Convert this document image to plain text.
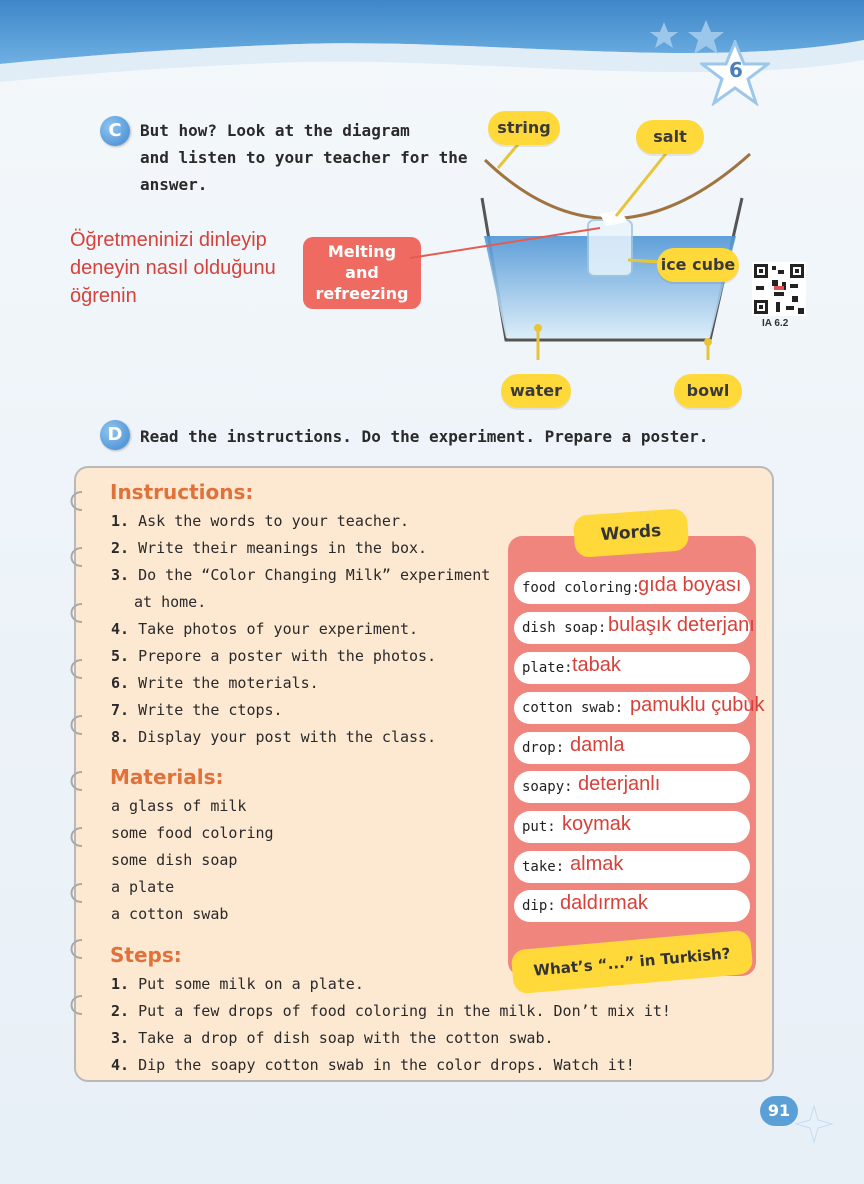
6
C	But how? Look at the diagram
and listen to your teacher for the
answer.
Öğretmeninizi dinleyip
deneyin nasıl olduğunu
öğrenin
Melting
and
refreezing
string	salt
ice cube
water	bowl
IA 6.2
D	Read the instructions. Do the experiment. Prepare a poster.
Instructions:
1. Ask the words to your teacher.
2. Write their meanings in the box.
3. Do the “Color Changing Milk” experiment
at home.
4. Take photos of your experiment.
5. Prepore a poster with the photos.
6. Write the moterials.
7. Write the ctops.
8. Display your post with the class.
Materials:
a glass of milk
some food coloring
some dish soap
a plate
a cotton swab
Steps:
1. Put some milk on a plate.
2. Put a few drops of food coloring in the milk. Don’t mix it!
3. Take a drop of dish soap with the cotton swab.
4. Dip the soapy cotton swab in the color drops. Watch it!
Words
food coloring:
gıda boyası
dish soap: bulaşık deterjanı
plate: tabak
cotton swab: pamuklu çubuk
drop: damla
soapy: deterjanlı
put: koymak
take: almak
dip: daldırmak
What’s “...” in Turkish?
91
